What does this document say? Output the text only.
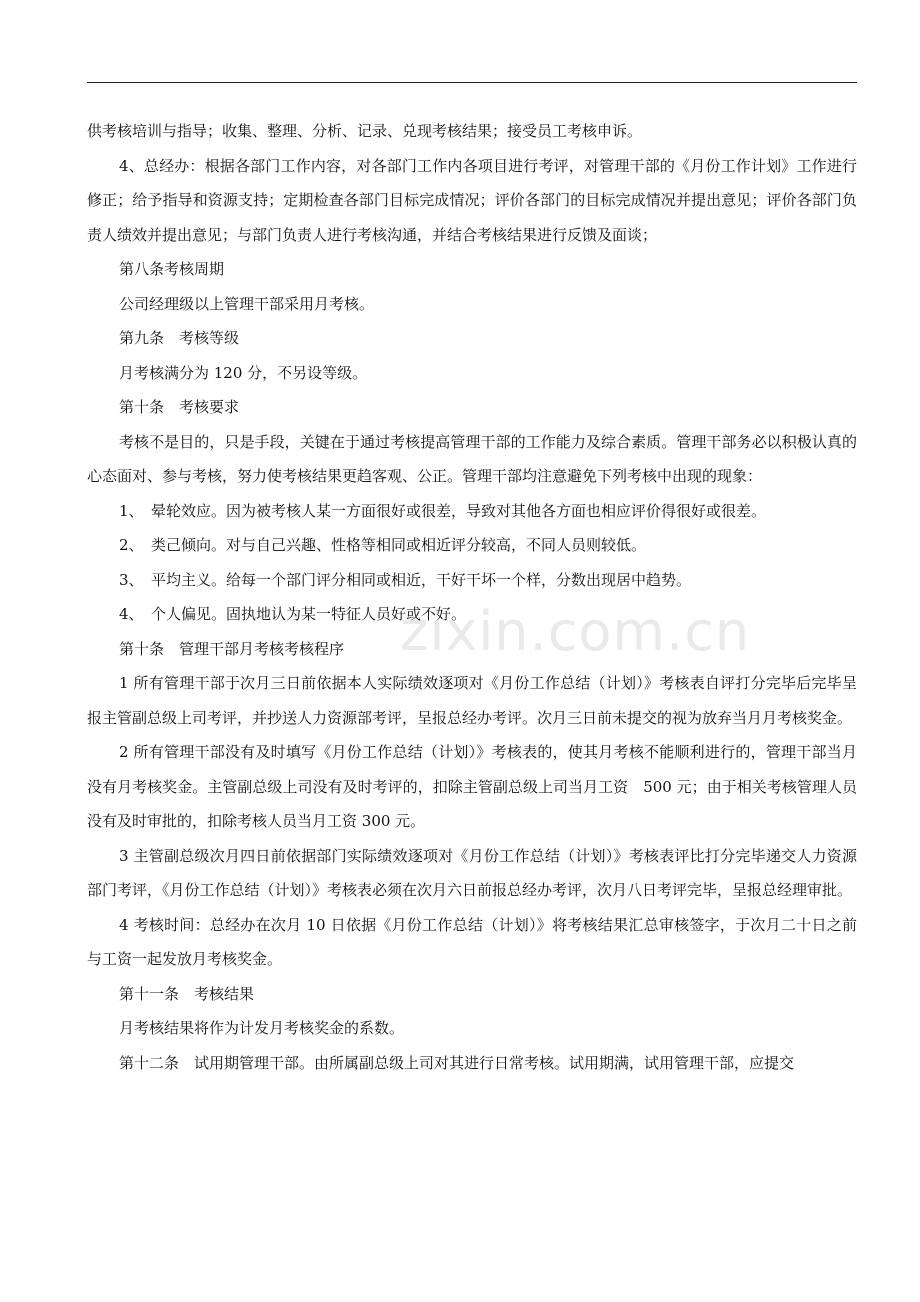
供考核培训与指导；收集、整理、分析、记录、兑现考核结果；接受员工考核申诉。

4、总经办：根据各部门工作内容，对各部门工作内各项目进行考评，对管理干部的《月份工作计划》工作进行修正；给予指导和资源支持；定期检查各部门目标完成情况；评价各部门的目标完成情况并提出意见；评价各部门负责人绩效并提出意见；与部门负责人进行考核沟通，并结合考核结果进行反馈及面谈；

第八条考核周期

公司经理级以上管理干部采用月考核。

第九条　考核等级

月考核满分为 120 分，不另设等级。

第十条　考核要求

考核不是目的，只是手段，关键在于通过考核提高管理干部的工作能力及综合素质。管理干部务必以积极认真的心态面对、参与考核，努力使考核结果更趋客观、公正。管理干部均注意避免下列考核中出现的现象：

1、　晕轮效应。因为被考核人某一方面很好或很差，导致对其他各方面也相应评价得很好或很差。

2、　类己倾向。对与自己兴趣、性格等相同或相近评分较高，不同人员则较低。

3、　平均主义。给每一个部门评分相同或相近，干好干坏一个样，分数出现居中趋势。

4、　个人偏见。固执地认为某一特征人员好或不好。

第十条　管理干部月考核考核程序

1 所有管理干部于次月三日前依据本人实际绩效逐项对《月份工作总结（计划）》考核表自评打分完毕后完毕呈报主管副总级上司考评，并抄送人力资源部考评，呈报总经办考评。次月三日前未提交的视为放弃当月月考核奖金。

2 所有管理干部没有及时填写《月份工作总结（计划）》考核表的，使其月考核不能顺利进行的，管理干部当月没有月考核奖金。主管副总级上司没有及时考评的，扣除主管副总级上司当月工资　500 元；由于相关考核管理人员没有及时审批的，扣除考核人员当月工资 300 元。

3 主管副总级次月四日前依据部门实际绩效逐项对《月份工作总结（计划）》考核表评比打分完毕递交人力资源部门考评，《月份工作总结（计划）》考核表必须在次月六日前报总经办考评，次月八日考评完毕，呈报总经理审批。

4 考核时间：总经办在次月 10 日依据《月份工作总结（计划）》将考核结果汇总审核签字，于次月二十日之前与工资一起发放月考核奖金。

第十一条　考核结果

月考核结果将作为计发月考核奖金的系数。

第十二条　试用期管理干部。由所属副总级上司对其进行日常考核。试用期满，试用管理干部，应提交

zixin.com.cn
